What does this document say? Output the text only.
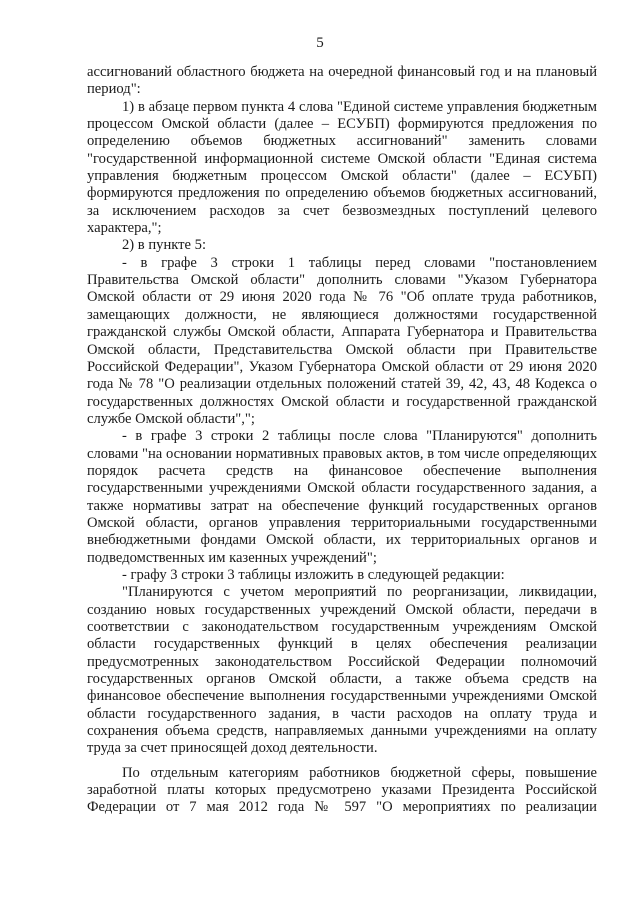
5

ассигнований областного бюджета на очередной финансовый год и на плановый период":

1) в абзаце первом пункта 4 слова "Единой системе управления бюджетным процессом Омской области (далее – ЕСУБП) формируются предложения по определению объемов бюджетных ассигнований" заменить словами "государственной информационной системе Омской области "Единая система управления бюджетным процессом Омской области" (далее – ЕСУБП) формируются предложения по определению объемов бюджетных ассигнований, за исключением расходов за счет безвозмездных поступлений целевого характера,";

2) в пункте 5:

- в графе 3 строки 1 таблицы перед словами "постановлением Правительства Омской области" дополнить словами "Указом Губернатора Омской области от 29 июня 2020 года № 76 "Об оплате труда работников, замещающих должности, не являющиеся должностями государственной гражданской службы Омской области, Аппарата Губернатора и Правительства Омской области, Представительства Омской области при Правительстве Российской Федерации", Указом Губернатора Омской области от 29 июня 2020 года № 78 "О реализации отдельных положений статей 39, 42, 43, 48 Кодекса о государственных должностях Омской области и государственной гражданской службе Омской области",";

- в графе 3 строки 2 таблицы после слова "Планируются" дополнить словами "на основании нормативных правовых актов, в том числе определяющих порядок расчета средств на финансовое обеспечение выполнения государственными учреждениями Омской области государственного задания, а также нормативы затрат на обеспечение функций государственных органов Омской области, органов управления территориальными государственными внебюджетными фондами Омской области, их территориальных органов и подведомственных им казенных учреждений";

- графу 3 строки 3 таблицы изложить в следующей редакции:

"Планируются с учетом мероприятий по реорганизации, ликвидации, созданию новых государственных учреждений Омской области, передачи в соответствии с законодательством государственным учреждениям Омской области государственных функций в целях обеспечения реализации предусмотренных законодательством Российской Федерации полномочий государственных органов Омской области, а также объема средств на финансовое обеспечение выполнения государственными учреждениями Омской области государственного задания, в части расходов на оплату труда и сохранения объема средств, направляемых данными учреждениями на оплату труда за счет приносящей доход деятельности.

По отдельным категориям работников бюджетной сферы, повышение заработной платы которых предусмотрено указами Президента Российской Федерации от 7 мая 2012 года № 597 "О мероприятиях по реализации
